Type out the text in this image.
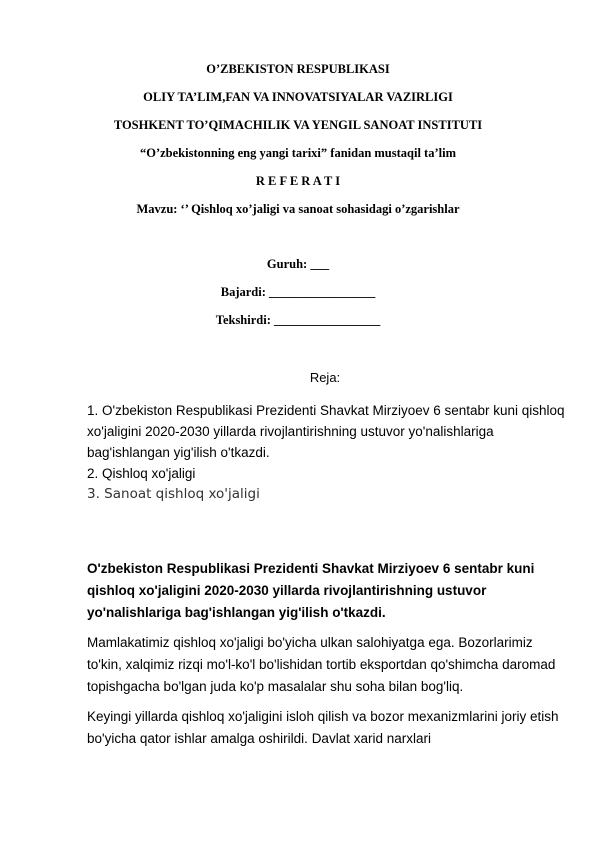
O’ZBEKISTON RESPUBLIKASI
OLIY TA’LIM,FAN VA INNOVATSIYALAR VAZIRLIGI
TOSHKENT TO’QIMACHILIK VA YENGIL SANOAT INSTITUTI
“O’zbekistonning eng yangi tarixi” fanidan mustaqil ta’lim
R E F E R A T I
Mavzu: ‘’ Qishloq xo’jaligi va sanoat sohasidagi o’zgarishlar
Guruh: ___
Bajardi: _________________
Tekshirdi: _________________
Reja:

1. O'zbekiston Respublikasi Prezidenti Shavkat Mirziyoev 6 sentabr kuni qishloq xo'jaligini 2020-2030 yillarda rivojlantirishning ustuvor yo'nalishlariga bag'ishlangan yig'ilish o'tkazdi.

2. Qishloq xo'jaligi

3. Sanoat qishloq xo'jaligi

O'zbekiston Respublikasi Prezidenti Shavkat Mirziyoev 6 sentabr kuni qishloq xo'jaligini 2020-2030 yillarda rivojlantirishning ustuvor yo'nalishlariga bag'ishlangan yig'ilish o'tkazdi.

Mamlakatimiz qishloq xo'jaligi bo'yicha ulkan salohiyatga ega. Bozorlarimiz to'kin, xalqimiz rizqi mo'l-ko'l bo'lishidan tortib eksportdan qo'shimcha daromad topishgacha bo'lgan juda ko'p masalalar shu soha bilan bog'liq.

Keyingi yillarda qishloq xo'jaligini isloh qilish va bozor mexanizmlarini joriy etish bo'yicha qator ishlar amalga oshirildi. Davlat xarid narxlari
